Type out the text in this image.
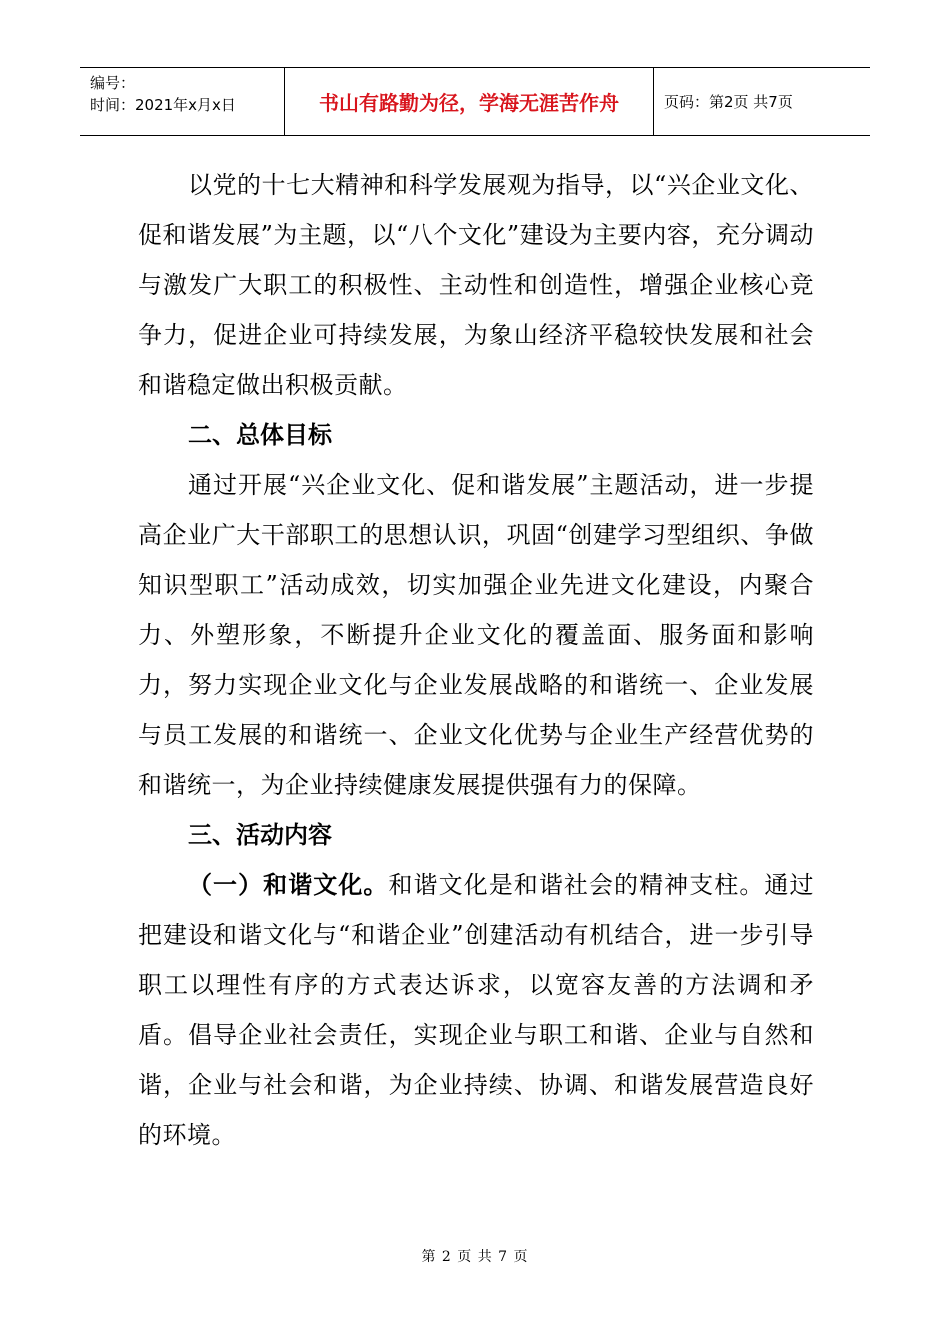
编号：
时间：2021年x月x日	书山有路勤为径，学海无涯苦作舟	页码：第2页 共7页

以党的十七大精神和科学发展观为指导，以“兴企业文化、促和谐发展”为主题，以“八个文化”建设为主要内容，充分调动与激发广大职工的积极性、主动性和创造性，增强企业核心竞争力，促进企业可持续发展，为象山经济平稳较快发展和社会和谐稳定做出积极贡献。

二、总体目标

通过开展“兴企业文化、促和谐发展”主题活动，进一步提高企业广大干部职工的思想认识，巩固“创建学习型组织、争做知识型职工”活动成效，切实加强企业先进文化建设，内聚合力、外塑形象，不断提升企业文化的覆盖面、服务面和影响力，努力实现企业文化与企业发展战略的和谐统一、企业发展与员工发展的和谐统一、企业文化优势与企业生产经营优势的和谐统一，为企业持续健康发展提供强有力的保障。

三、活动内容

（一）和谐文化。和谐文化是和谐社会的精神支柱。通过把建设和谐文化与“和谐企业”创建活动有机结合，进一步引导职工以理性有序的方式表达诉求，以宽容友善的方法调和矛盾。倡导企业社会责任，实现企业与职工和谐、企业与自然和谐，企业与社会和谐，为企业持续、协调、和谐发展营造良好的环境。

第 2 页 共 7 页
